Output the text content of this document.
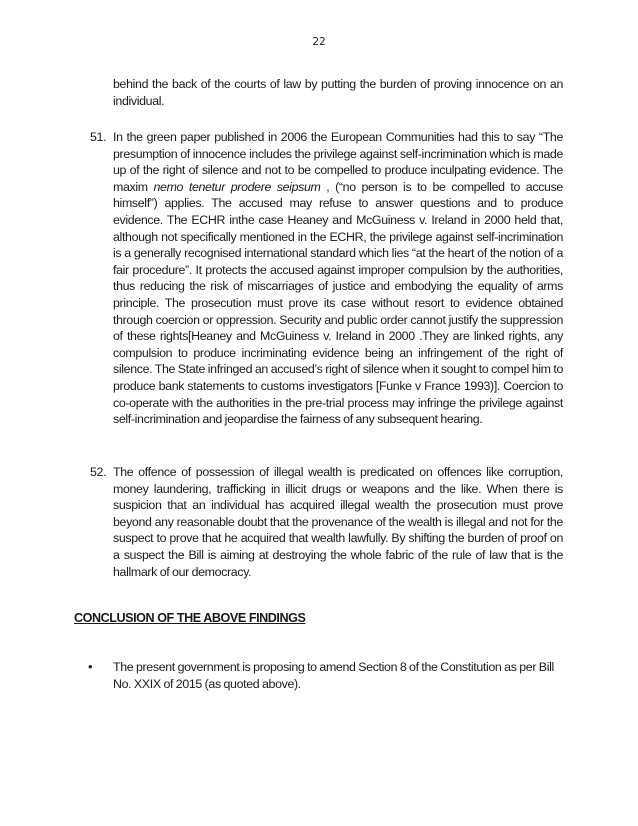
22
behind the back of the courts of law by putting the burden of proving innocence on an individual.
51. In the green paper published in 2006 the European Communities had this to say “The presumption of innocence includes the privilege against self-incrimination which is made up of the right of silence and not to be compelled to produce inculpating evidence. The maxim nemo tenetur prodere seipsum , (“no person is to be compelled to accuse himself”) applies. The accused may refuse to answer questions and to produce evidence. The ECHR inthe case Heaney and McGuiness v. Ireland in 2000 held that, although not specifically mentioned in the ECHR, the privilege against self-incrimination is a generally recognised international standard which lies “at the heart of the notion of a fair procedure”. It protects the accused against improper compulsion by the authorities, thus reducing the risk of miscarriages of justice and embodying the equality of arms principle. The prosecution must prove its case without resort to evidence obtained through coercion or oppression. Security and public order cannot justify the suppression of these rights[Heaney and McGuiness v. Ireland in 2000 .They are linked rights, any compulsion to produce incriminating evidence being an infringement of the right of silence. The State infringed an accused’s right of silence when it sought to compel him to produce bank statements to customs investigators [Funke v France 1993)]. Coercion to co-operate with the authorities in the pre-trial process may infringe the privilege against self-incrimination and jeopardise the fairness of any subsequent hearing.
52. The offence of possession of illegal wealth is predicated on offences like corruption, money laundering, trafficking in illicit drugs or weapons and the like. When there is suspicion that an individual has acquired illegal wealth the prosecution must prove beyond any reasonable doubt that the provenance of the wealth is illegal and not for the suspect to prove that he acquired that wealth lawfully. By shifting the burden of proof on a suspect the Bill is aiming at destroying the whole fabric of the rule of law that is the hallmark of our democracy.
CONCLUSION OF THE ABOVE FINDINGS
• The present government is proposing to amend Section 8 of the Constitution as per Bill No. XXIX of 2015 (as quoted above).
